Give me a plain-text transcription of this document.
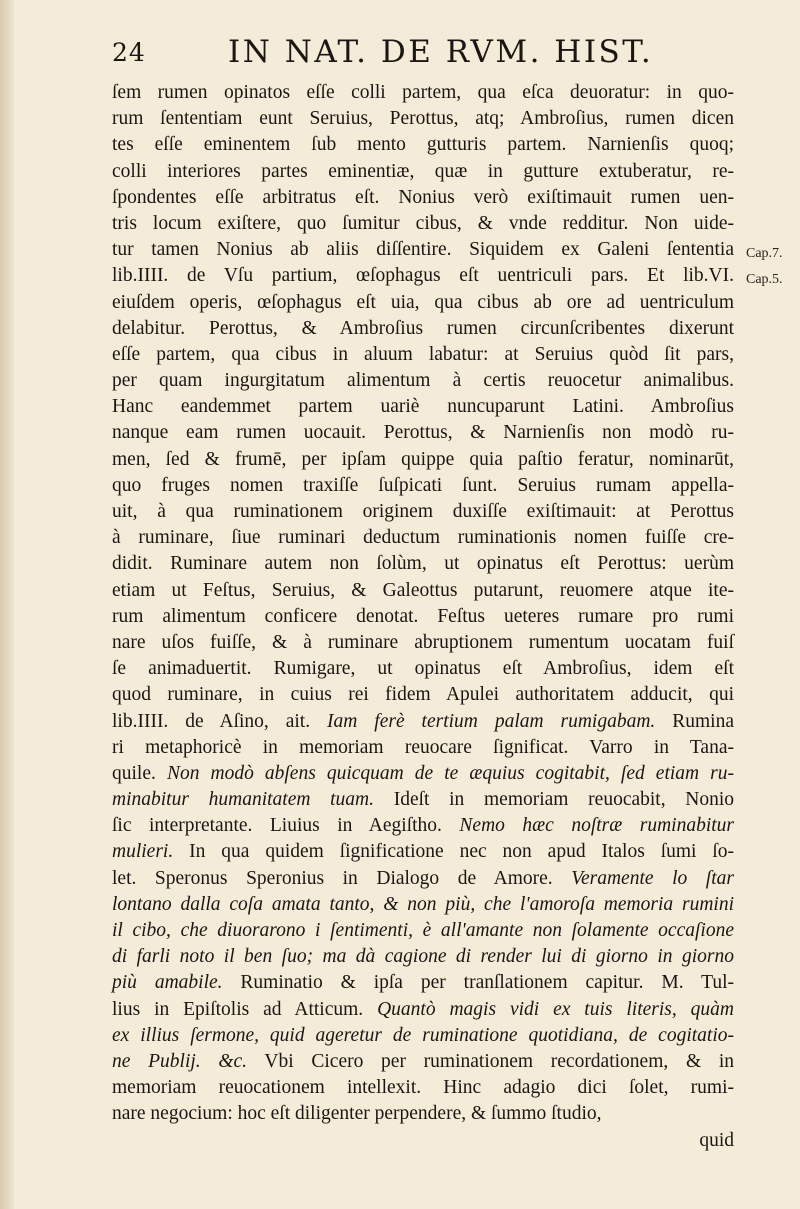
24	IN NAT. DE RVM. HIST.
Cap.7.
Cap.5.
ſem rumen opinatos eſſe colli partem, qua eſca deuoratur: in quo-
rum ſententiam eunt Seruius, Perottus, atq; Ambroſius, rumen dicen
tes eſſe eminentem ſub mento gutturis partem. Narnienſis quoq;
colli interiores partes eminentiæ, quæ in gutture extuberatur, re-
ſpondentes eſſe arbitratus eſt. Nonius verò exiſtimauit rumen uen-
tris locum exiſtere, quo ſumitur cibus, & vnde redditur. Non uide-
tur tamen Nonius ab aliis diſſentire. Siquidem ex Galeni ſententia
lib.IIII. de Vſu partium, œſophagus eſt uentriculi pars. Et lib.VI.
eiuſdem operis, œſophagus eſt uia, qua cibus ab ore ad uentriculum
delabitur. Perottus, & Ambroſius rumen circunſcribentes dixerunt
eſſe partem, qua cibus in aluum labatur: at Seruius quòd ſit pars,
per quam ingurgitatum alimentum à certis reuocetur animalibus.
Hanc eandemmet partem uariè nuncuparunt Latini. Ambroſius
nanque eam rumen uocauit. Perottus, & Narnienſis non modò ru-
men, ſed & frumē, per ipſam quippe quia paſtio feratur, nominarūt,
quo fruges nomen traxiſſe ſuſpicati ſunt. Seruius rumam appella-
uit, à qua ruminationem originem duxiſſe exiſtimauit: at Perottus
à ruminare, ſiue ruminari deductum ruminationis nomen fuiſſe cre-
didit. Ruminare autem non ſolùm, ut opinatus eſt Perottus: uerùm
etiam ut Feſtus, Seruius, & Galeottus putarunt, reuomere atque ite-
rum alimentum conficere denotat. Feſtus ueteres rumare pro rumi
nare uſos fuiſſe, & à ruminare abruptionem rumentum uocatam fuiſ
ſe animaduertit. Rumigare, ut opinatus eſt Ambroſius, idem eſt
quod ruminare, in cuius rei fidem Apulei authoritatem adducit, qui
lib.IIII. de Aſino, ait. Iam ferè tertium palam rumigabam. Rumina
ri metaphoricè in memoriam reuocare ſignificat. Varro in Tana-
quile. Non modò abſens quicquam de te æquius cogitabit, ſed etiam ru-
minabitur humanitatem tuam. Ideſt in memoriam reuocabit, Nonio
ſic interpretante. Liuius in Aegiſtho. Nemo hæc noſtræ ruminabitur
mulieri. In qua quidem ſignificatione nec non apud Italos ſumi ſo-
let. Speronus Speronius in Dialogo de Amore. Veramente lo ſtar
lontano dalla coſa amata tanto, & non più, che l'amoroſa memoria rumini
il cibo, che diuorarono i ſentimenti, è all'amante non ſolamente occaſione
di farli noto il ben ſuo; ma dà cagione di render lui di giorno in giorno
più amabile. Ruminatio & ipſa per tranſlationem capitur. M. Tul-
lius in Epiſtolis ad Atticum. Quantò magis vidi ex tuis literis, quàm
ex illius ſermone, quid ageretur de ruminatione quotidiana, de cogitatio-
ne Publij. &c. Vbi Cicero per ruminationem recordationem, & in
memoriam reuocationem intellexit. Hinc adagio dici ſolet, rumi-
nare negocium: hoc eſt diligenter perpendere, & ſummo ſtudio,
quid
